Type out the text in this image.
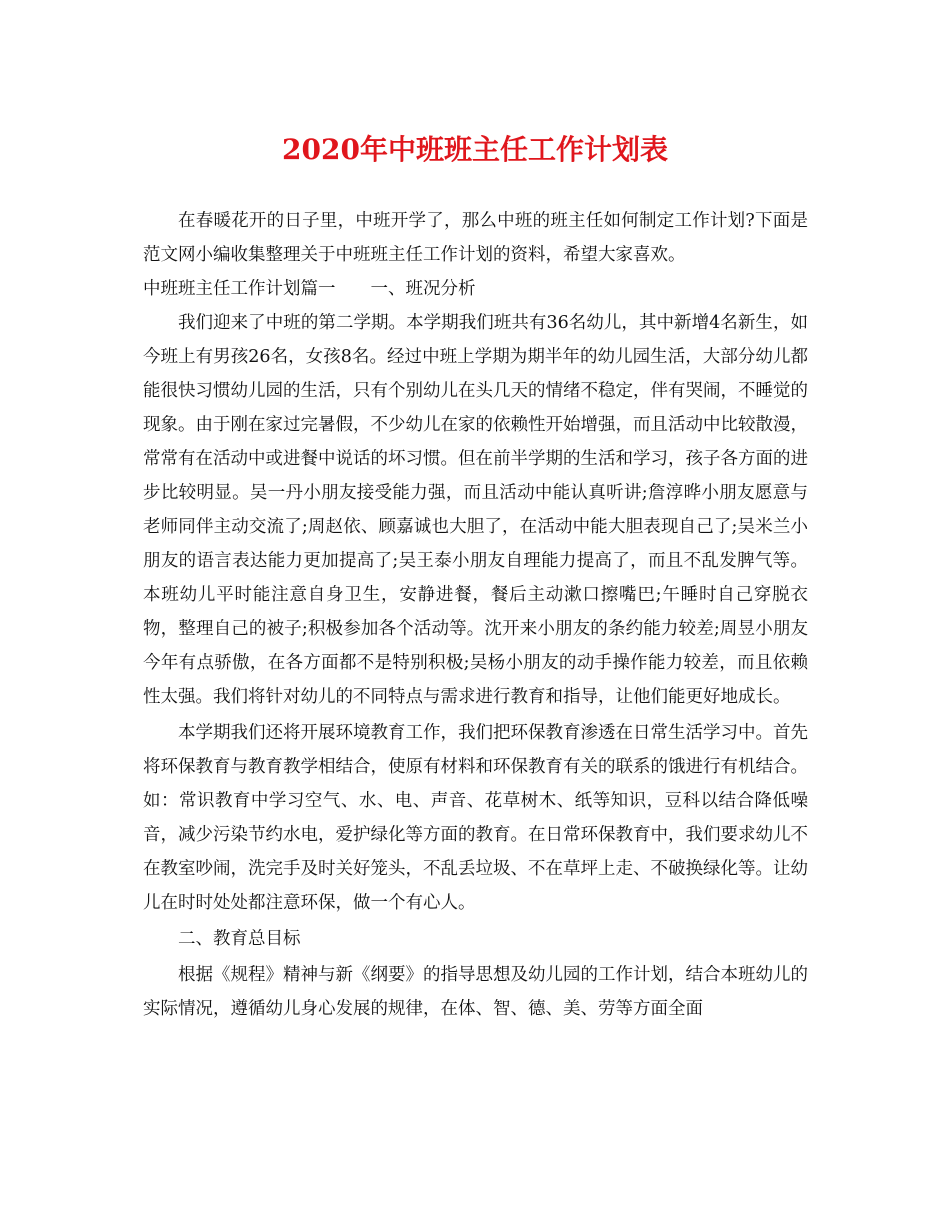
2020年中班班主任工作计划表

在春暖花开的日子里，中班开学了，那么中班的班主任如何制定工作计划?下面是范文网小编收集整理关于中班班主任工作计划的资料，希望大家喜欢。

中班班主任工作计划篇一　　一、班况分析

我们迎来了中班的第二学期。本学期我们班共有36名幼儿，其中新增4名新生，如今班上有男孩26名，女孩8名。经过中班上学期为期半年的幼儿园生活，大部分幼儿都能很快习惯幼儿园的生活，只有个别幼儿在头几天的情绪不稳定，伴有哭闹，不睡觉的现象。由于刚在家过完暑假，不少幼儿在家的依赖性开始增强，而且活动中比较散漫，常常有在活动中或进餐中说话的坏习惯。但在前半学期的生活和学习，孩子各方面的进步比较明显。吴一丹小朋友接受能力强，而且活动中能认真听讲;詹淳晔小朋友愿意与老师同伴主动交流了;周赵依、顾嘉诚也大胆了，在活动中能大胆表现自己了;吴米兰小朋友的语言表达能力更加提高了;吴王泰小朋友自理能力提高了，而且不乱发脾气等。本班幼儿平时能注意自身卫生，安静进餐，餐后主动漱口擦嘴巴;午睡时自己穿脱衣物，整理自己的被子;积极参加各个活动等。沈开来小朋友的条约能力较差;周昱小朋友今年有点骄傲，在各方面都不是特别积极;吴杨小朋友的动手操作能力较差，而且依赖性太强。我们将针对幼儿的不同特点与需求进行教育和指导，让他们能更好地成长。

本学期我们还将开展环境教育工作，我们把环保教育渗透在日常生活学习中。首先将环保教育与教育教学相结合，使原有材料和环保教育有关的联系的饿进行有机结合。如：常识教育中学习空气、水、电、声音、花草树木、纸等知识，豆科以结合降低噪音，减少污染节约水电，爱护绿化等方面的教育。在日常环保教育中，我们要求幼儿不在教室吵闹，洗完手及时关好笼头，不乱丢垃圾、不在草坪上走、不破换绿化等。让幼儿在时时处处都注意环保，做一个有心人。

二、教育总目标

根据《规程》精神与新《纲要》的指导思想及幼儿园的工作计划，结合本班幼儿的实际情况，遵循幼儿身心发展的规律，在体、智、德、美、劳等方面全面
